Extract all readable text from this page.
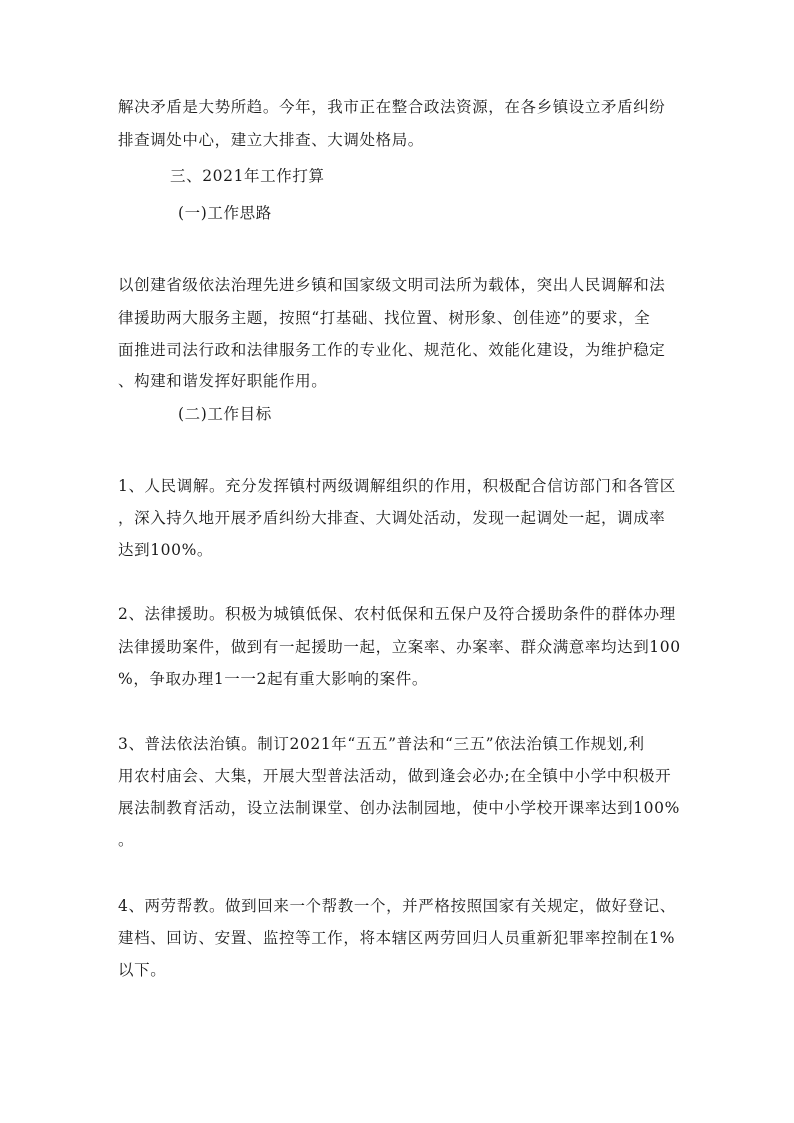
解决矛盾是大势所趋。今年，我市正在整合政法资源，在各乡镇设立矛盾纠纷
排查调处中心，建立大排查、大调处格局。
三、2021年工作打算
(一)工作思路
以创建省级依法治理先进乡镇和国家级文明司法所为载体，突出人民调解和法
律援助两大服务主题，按照“打基础、找位置、树形象、创佳迹”的要求，全
面推进司法行政和法律服务工作的专业化、规范化、效能化建设，为维护稳定
、构建和谐发挥好职能作用。
(二)工作目标
1、人民调解。充分发挥镇村两级调解组织的作用，积极配合信访部门和各管区
，深入持久地开展矛盾纠纷大排查、大调处活动，发现一起调处一起，调成率
达到100%。
2、法律援助。积极为城镇低保、农村低保和五保户及符合援助条件的群体办理
法律援助案件，做到有一起援助一起，立案率、办案率、群众满意率均达到100
%，争取办理1一一2起有重大影响的案件。
3、普法依法治镇。制订2021年“五五”普法和“三五”依法治镇工作规划,利
用农村庙会、大集，开展大型普法活动，做到逢会必办;在全镇中小学中积极开
展法制教育活动，设立法制课堂、创办法制园地，使中小学校开课率达到100%
。
4、两劳帮教。做到回来一个帮教一个，并严格按照国家有关规定，做好登记、
建档、回访、安置、监控等工作，将本辖区两劳回归人员重新犯罪率控制在1%
以下。
